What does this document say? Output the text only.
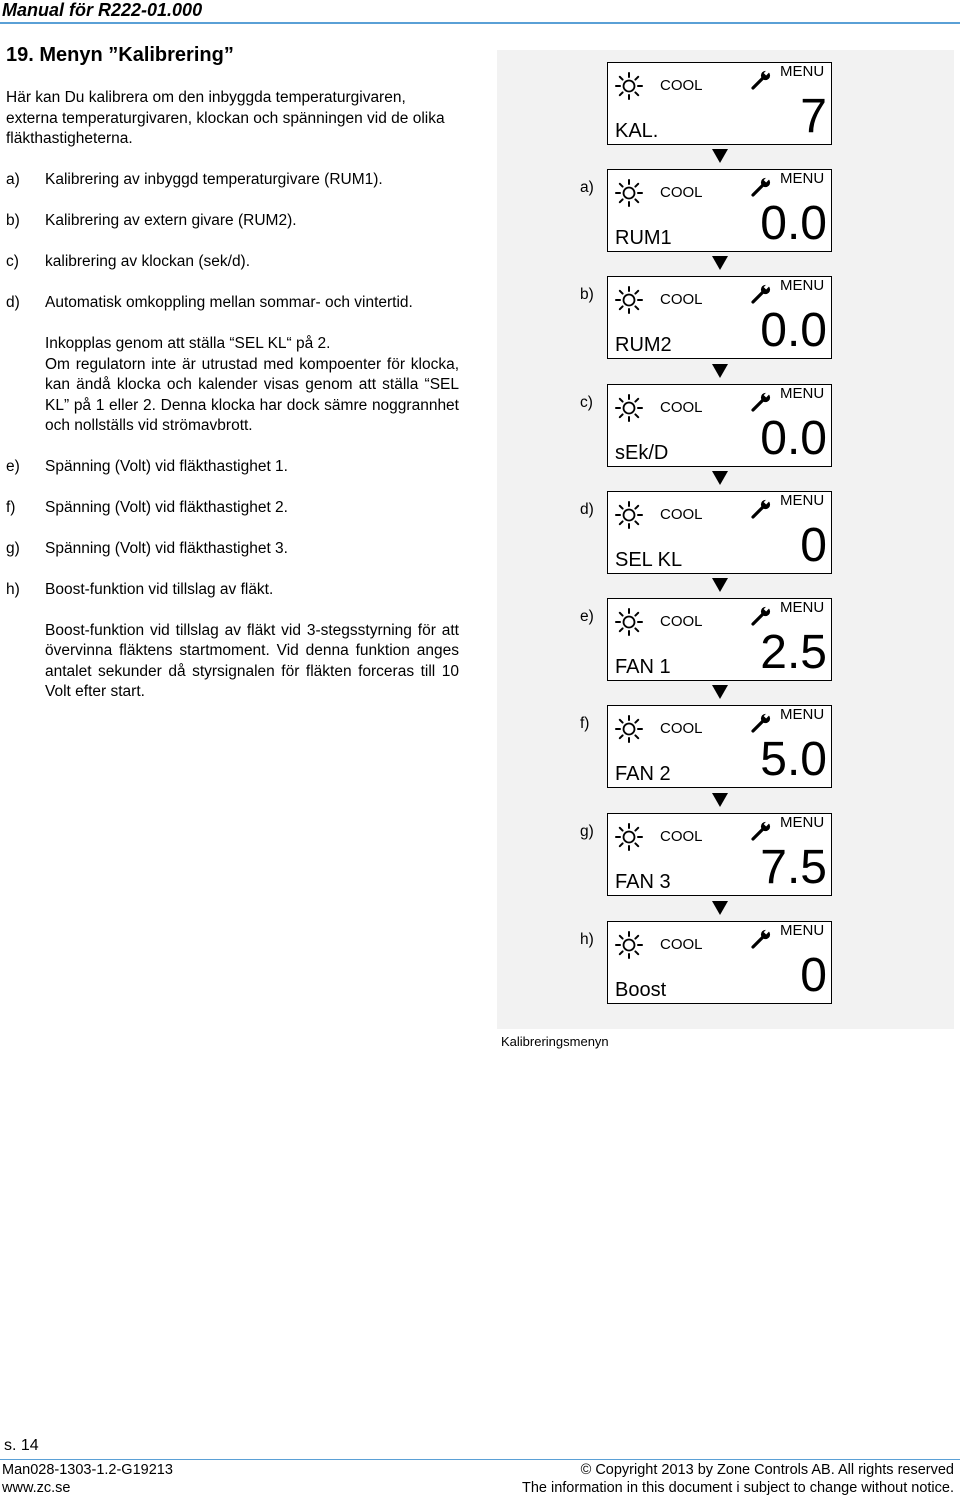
Manual för R222-01.000
19. Menyn ”Kalibrering”

Här kan Du kalibrera om den inbyggda temperaturgivaren, externa temperaturgivaren, klockan och spänningen vid de olika fläkthastigheterna.

a) Kalibrering av inbyggd temperaturgivare (RUM1).
b) Kalibrering av extern givare (RUM2).
c) kalibrering av klockan (sek/d).
d) Automatisk omkoppling mellan sommar- och vintertid.
Inkopplas genom att ställa “SEL KL“ på 2.
Om regulatorn inte är utrustad med kompoenter för klocka, kan ändå klocka och kalender visas genom att ställa “SEL KL” på 1 eller 2. Denna klocka har dock sämre noggrannhet och nollställs vid strömavbrott.
e) Spänning (Volt) vid fläkthastighet 1.
f) Spänning (Volt) vid fläkthastighet 2.
g) Spänning (Volt) vid fläkthastighet 3.
h) Boost-funktion vid tillslag av fläkt.
Boost-funktion vid tillslag av fläkt vid 3-stegsstyrning för att övervinna fläktens startmoment. Vid denna funktion anges antalet sekunder då styrsignalen för fläkten forceras till 10 Volt efter start.
COOL
MENU
KAL.	7
a)	COOL
MENU
RUM1 0.0
b)	COOL
MENU
RUM2 0.0
c)	COOL
MENU
sEk/D 0.0
d)	COOL
MENU
SEL KL 0
e)	COOL
MENU
FAN 1 2.5
f)	COOL
MENU
FAN 2 5.0
g)	COOL
MENU
FAN 3 7.5
h)	COOL
MENU
Boost	0
Kalibreringsmenyn
s. 14
Man028-1303-1.2-G19213
www.zc.se
© Copyright 2013 by Zone Controls AB. All rights reserved
The information in this document i subject to change without notice.
